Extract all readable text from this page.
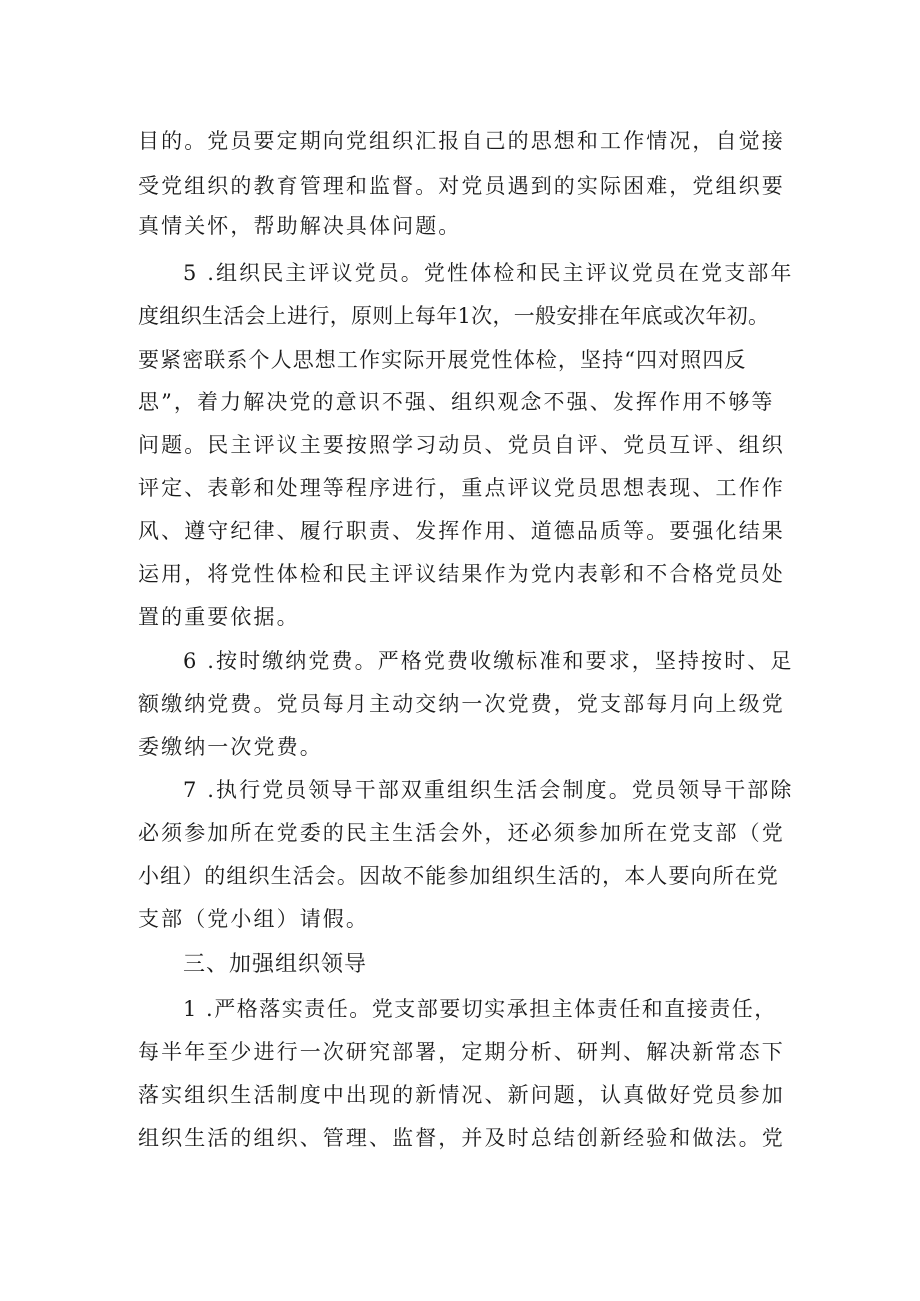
目的。党员要定期向党组织汇报自己的思想和工作情况，自觉接
受党组织的教育管理和监督。对党员遇到的实际困难，党组织要
真情关怀，帮助解决具体问题。
5 .组织民主评议党员。党性体检和民主评议党员在党支部年
度组织生活会上进行，原则上每年1次，一般安排在年底或次年初。
要紧密联系个人思想工作实际开展党性体检，坚持“四对照四反
思”，着力解决党的意识不强、组织观念不强、发挥作用不够等
问题。民主评议主要按照学习动员、党员自评、党员互评、组织
评定、表彰和处理等程序进行，重点评议党员思想表现、工作作
风、遵守纪律、履行职责、发挥作用、道德品质等。要强化结果
运用，将党性体检和民主评议结果作为党内表彰和不合格党员处
置的重要依据。
6 .按时缴纳党费。严格党费收缴标准和要求，坚持按时、足
额缴纳党费。党员每月主动交纳一次党费，党支部每月向上级党
委缴纳一次党费。
7 .执行党员领导干部双重组织生活会制度。党员领导干部除
必须参加所在党委的民主生活会外，还必须参加所在党支部（党
小组）的组织生活会。因故不能参加组织生活的，本人要向所在党
支部（党小组）请假。
三、加强组织领导
1 .严格落实责任。党支部要切实承担主体责任和直接责任，
每半年至少进行一次研究部署，定期分析、研判、解决新常态下
落实组织生活制度中出现的新情况、新问题，认真做好党员参加
组织生活的组织、管理、监督，并及时总结创新经验和做法。党
